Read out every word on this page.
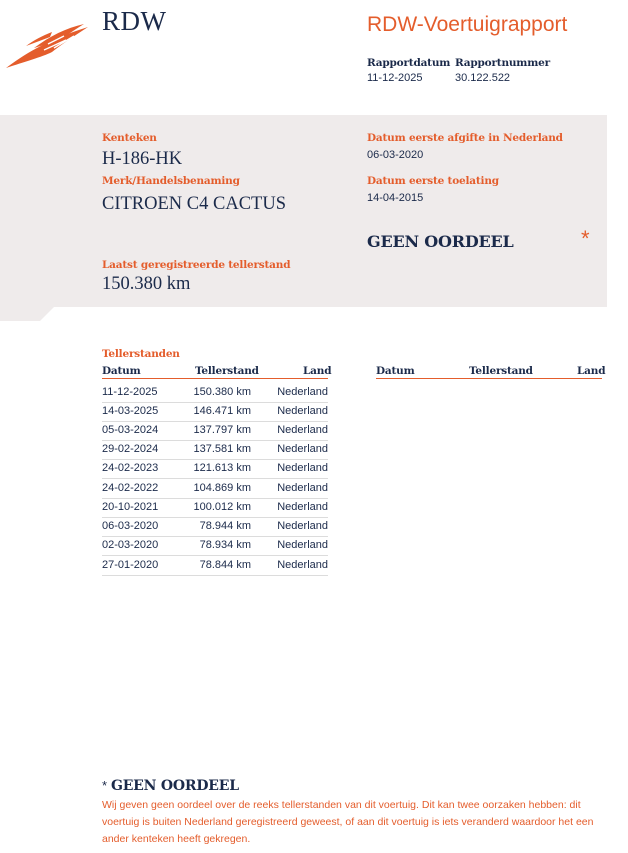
RDW	RDW-Voertuigrapport
Rapportdatum
11-12-2025
Rapportnummer
30.122.522
Kenteken
H-186-HK
Merk/Handelsbenaming
CITROEN C4 CACTUS
Datum eerste afgifte in Nederland
06-03-2020
Datum eerste toelating
14-04-2015
GEEN OORDEEL	*
Laatst geregistreerde tellerstand
150.380 km
Tellerstanden
Datum	Tellerstand	Land	Datum	Tellerstand	Land
11-12-2025	150.380 km Nederland
14-03-2025	146.471 km Nederland
05-03-2024	137.797 km Nederland
29-02-2024	137.581 km Nederland
24-02-2023	121.613 km Nederland
24-02-2022	104.869 km Nederland
20-10-2021	100.012 km Nederland
06-03-2020	78.944 km Nederland
02-03-2020	78.934 km Nederland
27-01-2020	78.844 km Nederland
* GEEN OORDEEL
Wij geven geen oordeel over de reeks tellerstanden van dit voertuig. Dit kan twee oorzaken hebben: dit voertuig is buiten Nederland geregistreerd geweest, of aan dit voertuig is iets veranderd waardoor het een ander kenteken heeft gekregen.
